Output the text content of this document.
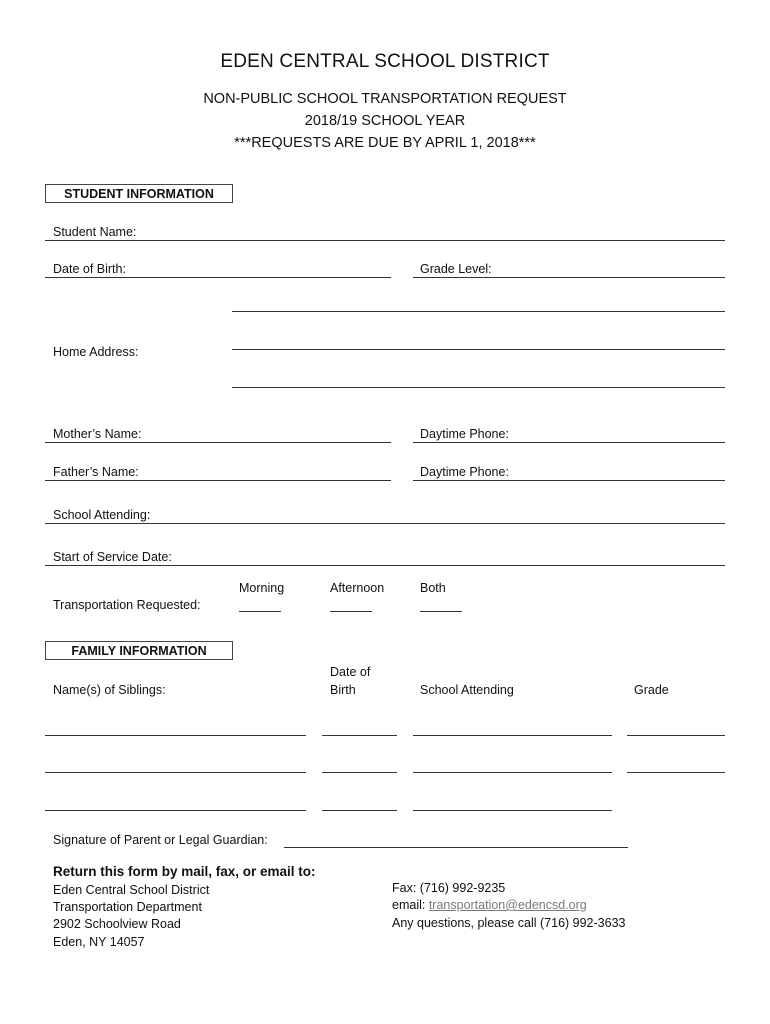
EDEN CENTRAL SCHOOL DISTRICT
NON-PUBLIC SCHOOL TRANSPORTATION REQUEST
2018/19 SCHOOL YEAR
***REQUESTS ARE DUE BY APRIL 1, 2018***
STUDENT INFORMATION
Student Name:
Date of Birth:	Grade Level:
Home Address:
Mother’s Name:	Daytime Phone:
Father’s Name:	Daytime Phone:
School Attending:
Start of Service Date:
Morning	Afternoon	Both
Transportation Requested:
FAMILY INFORMATION
Date of
Name(s) of Siblings:	Birth	School Attending	Grade
Signature of Parent or Legal Guardian:
Return this form by mail, fax, or email to:
Eden Central School District
Transportation Department
2902 Schoolview Road
Eden, NY 14057
Fax: (716) 992-9235
email: transportation@edencsd.org
Any questions, please call (716) 992-3633
